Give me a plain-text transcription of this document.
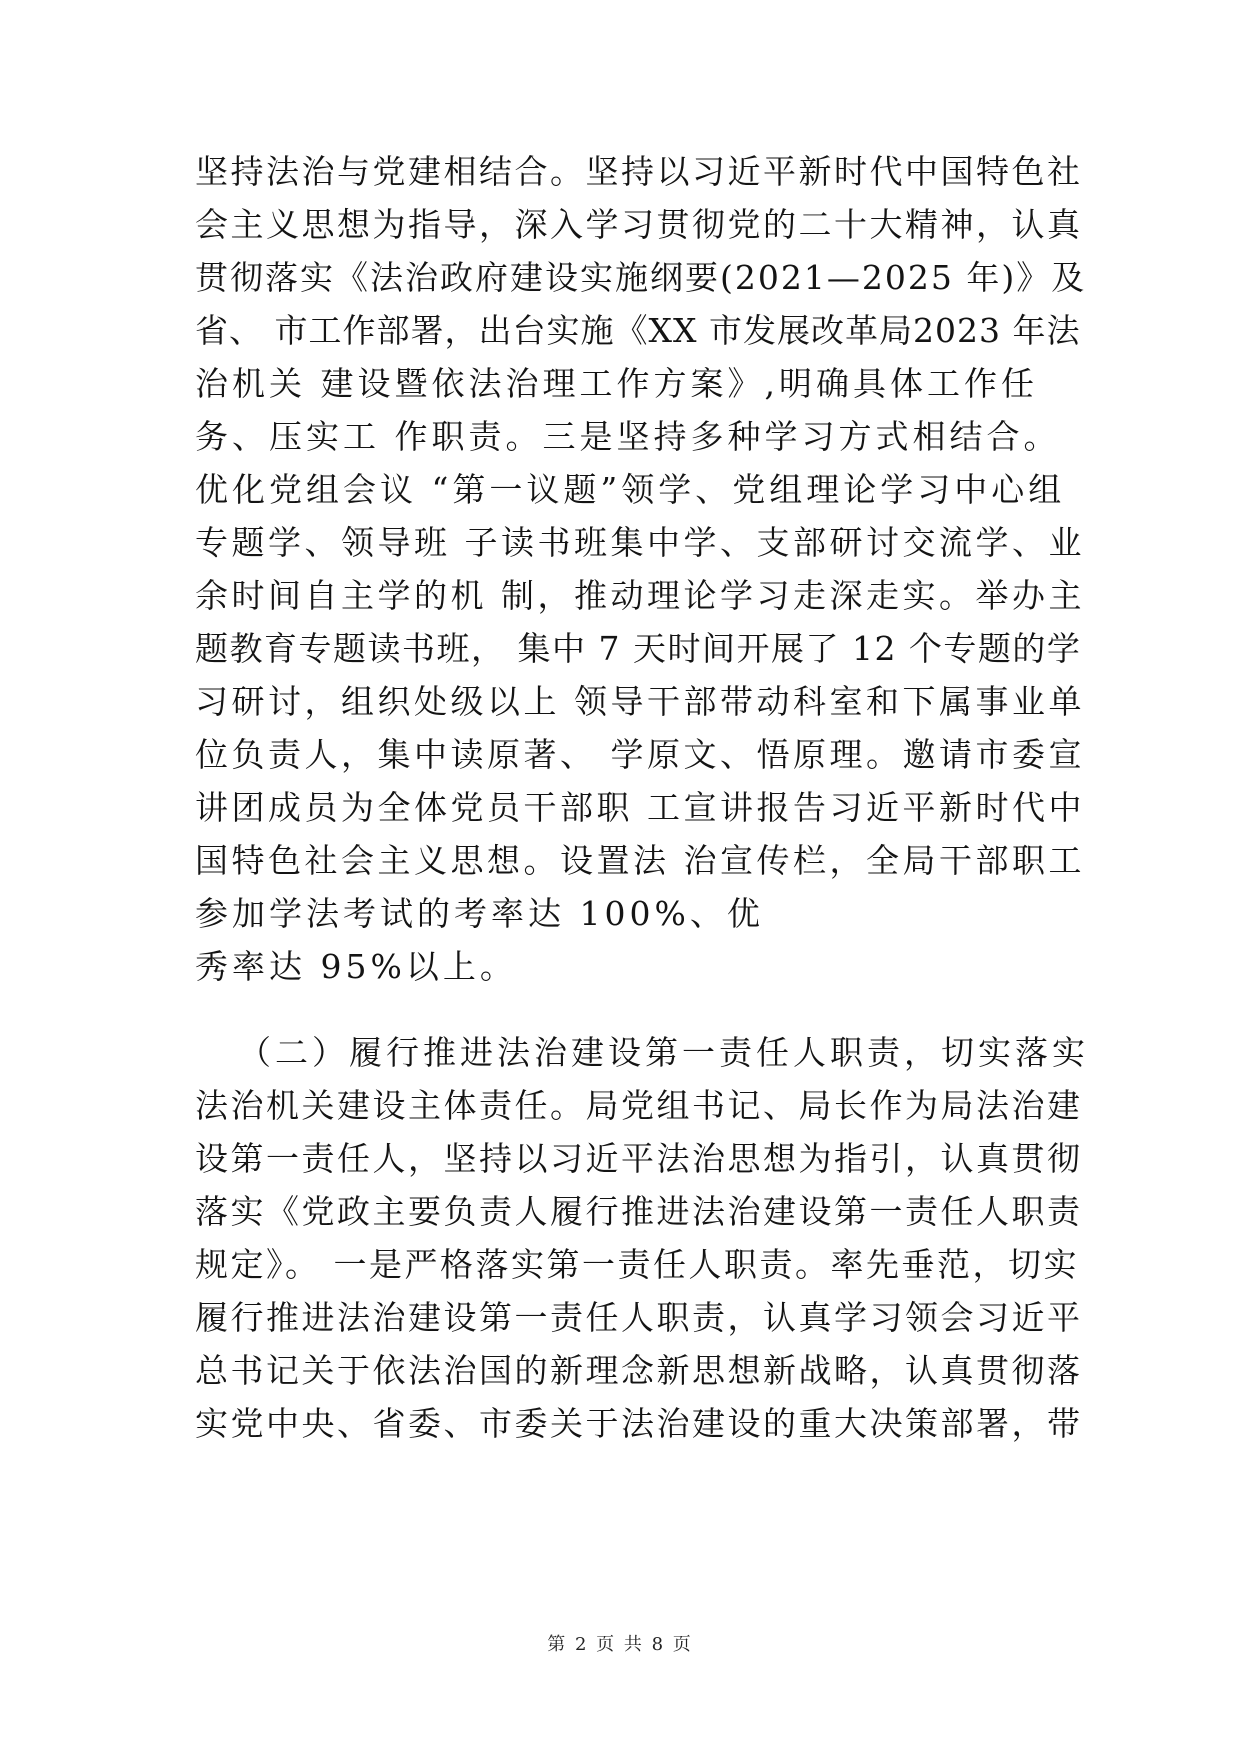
坚持法治与党建相结合。坚持以习近平新时代中国特色社
会主义思想为指导，深入学习贯彻党的二十大精神，认真
贯彻落实《法治政府建设实施纲要(2021—2025 年)》及
省、 市工作部署，出台实施《XX 市发展改革局2023 年法
治机关 建设暨依法治理工作方案》,明确具体工作任
务、压实工 作职责。三是坚持多种学习方式相结合。
优化党组会议 “第一议题”领学、党组理论学习中心组
专题学、领导班 子读书班集中学、支部研讨交流学、业
余时间自主学的机 制，推动理论学习走深走实。举办主
题教育专题读书班， 集中 7 天时间开展了 12 个专题的学
习研讨，组织处级以上 领导干部带动科室和下属事业单
位负责人，集中读原著、 学原文、悟原理。邀请市委宣
讲团成员为全体党员干部职 工宣讲报告习近平新时代中
国特色社会主义思想。设置法 治宣传栏，全局干部职工
参加学法考试的考率达 100%、优
秀率达 95%以上。
（二）履行推进法治建设第一责任人职责，切实落实
法治机关建设主体责任。局党组书记、局长作为局法治建
设第一责任人，坚持以习近平法治思想为指引，认真贯彻
落实《党政主要负责人履行推进法治建设第一责任人职责
规定》。 一是严格落实第一责任人职责。率先垂范，切实
履行推进法治建设第一责任人职责，认真学习领会习近平
总书记关于依法治国的新理念新思想新战略，认真贯彻落
实党中央、省委、市委关于法治建设的重大决策部署，带
第 2 页 共 8 页
